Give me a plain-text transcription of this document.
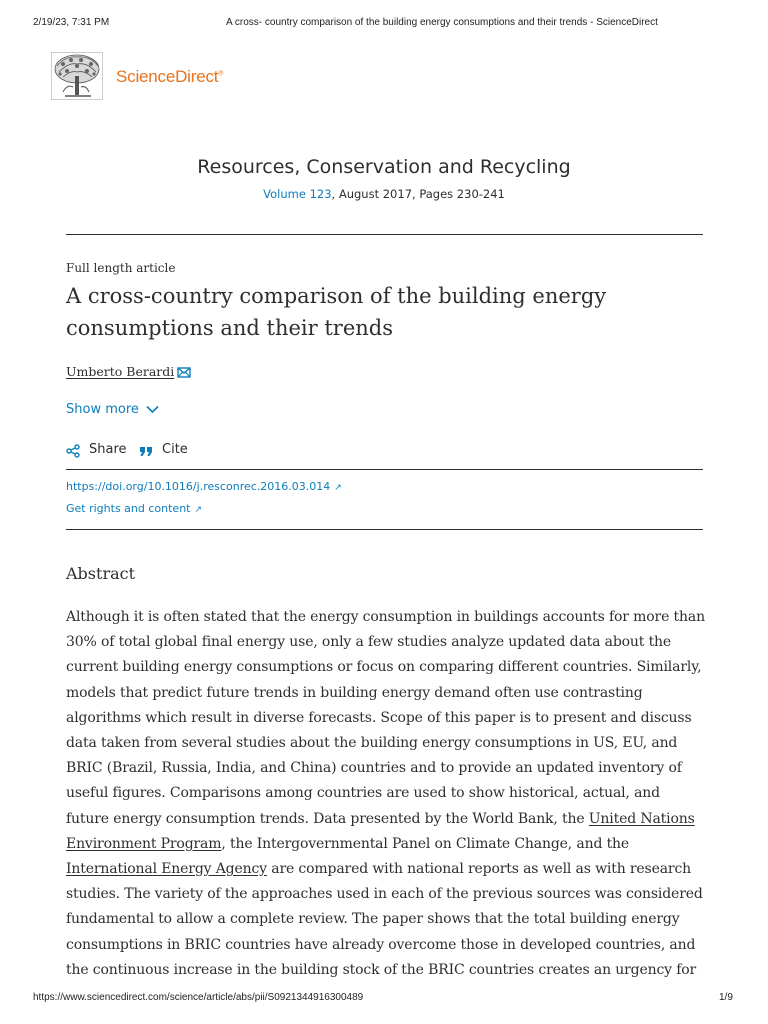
2/19/23, 7:31 PM	A cross- country comparison of the building energy consumptions and their trends - ScienceDirect
ScienceDirect®
Resources, Conservation and Recycling
Volume 123, August 2017, Pages 230-241
Full length article
A cross-country comparison of the building energy consumptions and their trends
Umberto Berardi
Show more
Share	Cite
https://doi.org/10.1016/j.resconrec.2016.03.014 ↗
Get rights and content ↗
Abstract

Although it is often stated that the energy consumption in buildings accounts for more than 30% of total global final energy use, only a few studies analyze updated data about the current building energy consumptions or focus on comparing different countries. Similarly, models that predict future trends in building energy demand often use contrasting algorithms which result in diverse forecasts. Scope of this paper is to present and discuss data taken from several studies about the building energy consumptions in US, EU, and BRIC (Brazil, Russia, India, and China) countries and to provide an updated inventory of useful figures. Comparisons among countries are used to show historical, actual, and future energy consumption trends. Data presented by the World Bank, the United Nations Environment Program, the Intergovernmental Panel on Climate Change, and the International Energy Agency are compared with national reports as well as with research studies. The variety of the approaches used in each of the previous sources was considered fundamental to allow a complete review. The paper shows that the total building energy consumptions in BRIC countries have already overcome those in developed countries, and the continuous increase in the building stock of the BRIC countries creates an urgency for

https://www.sciencedirect.com/science/article/abs/pii/S0921344916300489	1/9
